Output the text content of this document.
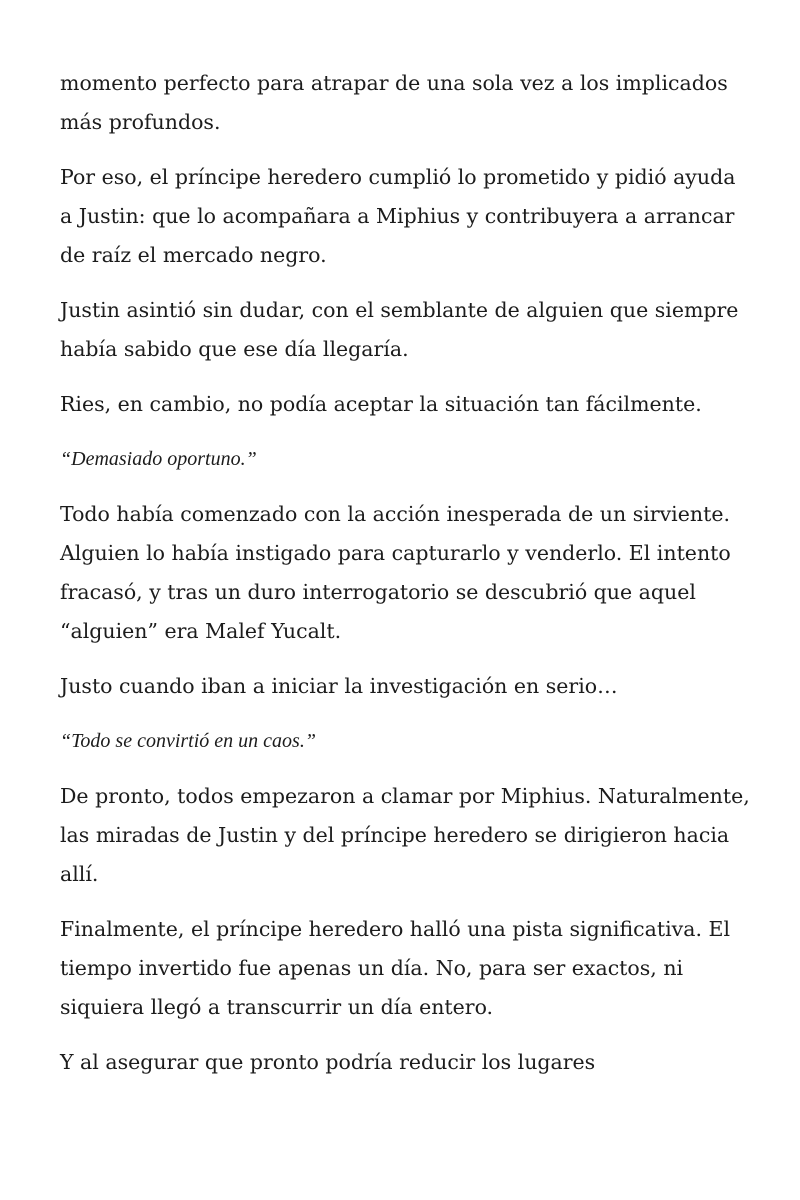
momento perfecto para atrapar de una sola vez a los implicados más profundos.

Por eso, el príncipe heredero cumplió lo prometido y pidió ayuda a Justin: que lo acompañara a Miphius y contribuyera a arrancar de raíz el mercado negro.

Justin asintió sin dudar, con el semblante de alguien que siempre había sabido que ese día llegaría.

Ries, en cambio, no podía aceptar la situación tan fácilmente.

“Demasiado oportuno.”

Todo había comenzado con la acción inesperada de un sirviente. Alguien lo había instigado para capturarlo y venderlo. El intento fracasó, y tras un duro interrogatorio se descubrió que aquel “alguien” era Malef Yucalt.

Justo cuando iban a iniciar la investigación en serio…

“Todo se convirtió en un caos.”

De pronto, todos empezaron a clamar por Miphius. Naturalmente, las miradas de Justin y del príncipe heredero se dirigieron hacia allí.

Finalmente, el príncipe heredero halló una pista significativa. El tiempo invertido fue apenas un día. No, para ser exactos, ni siquiera llegó a transcurrir un día entero.

Y al asegurar que pronto podría reducir los lugares
